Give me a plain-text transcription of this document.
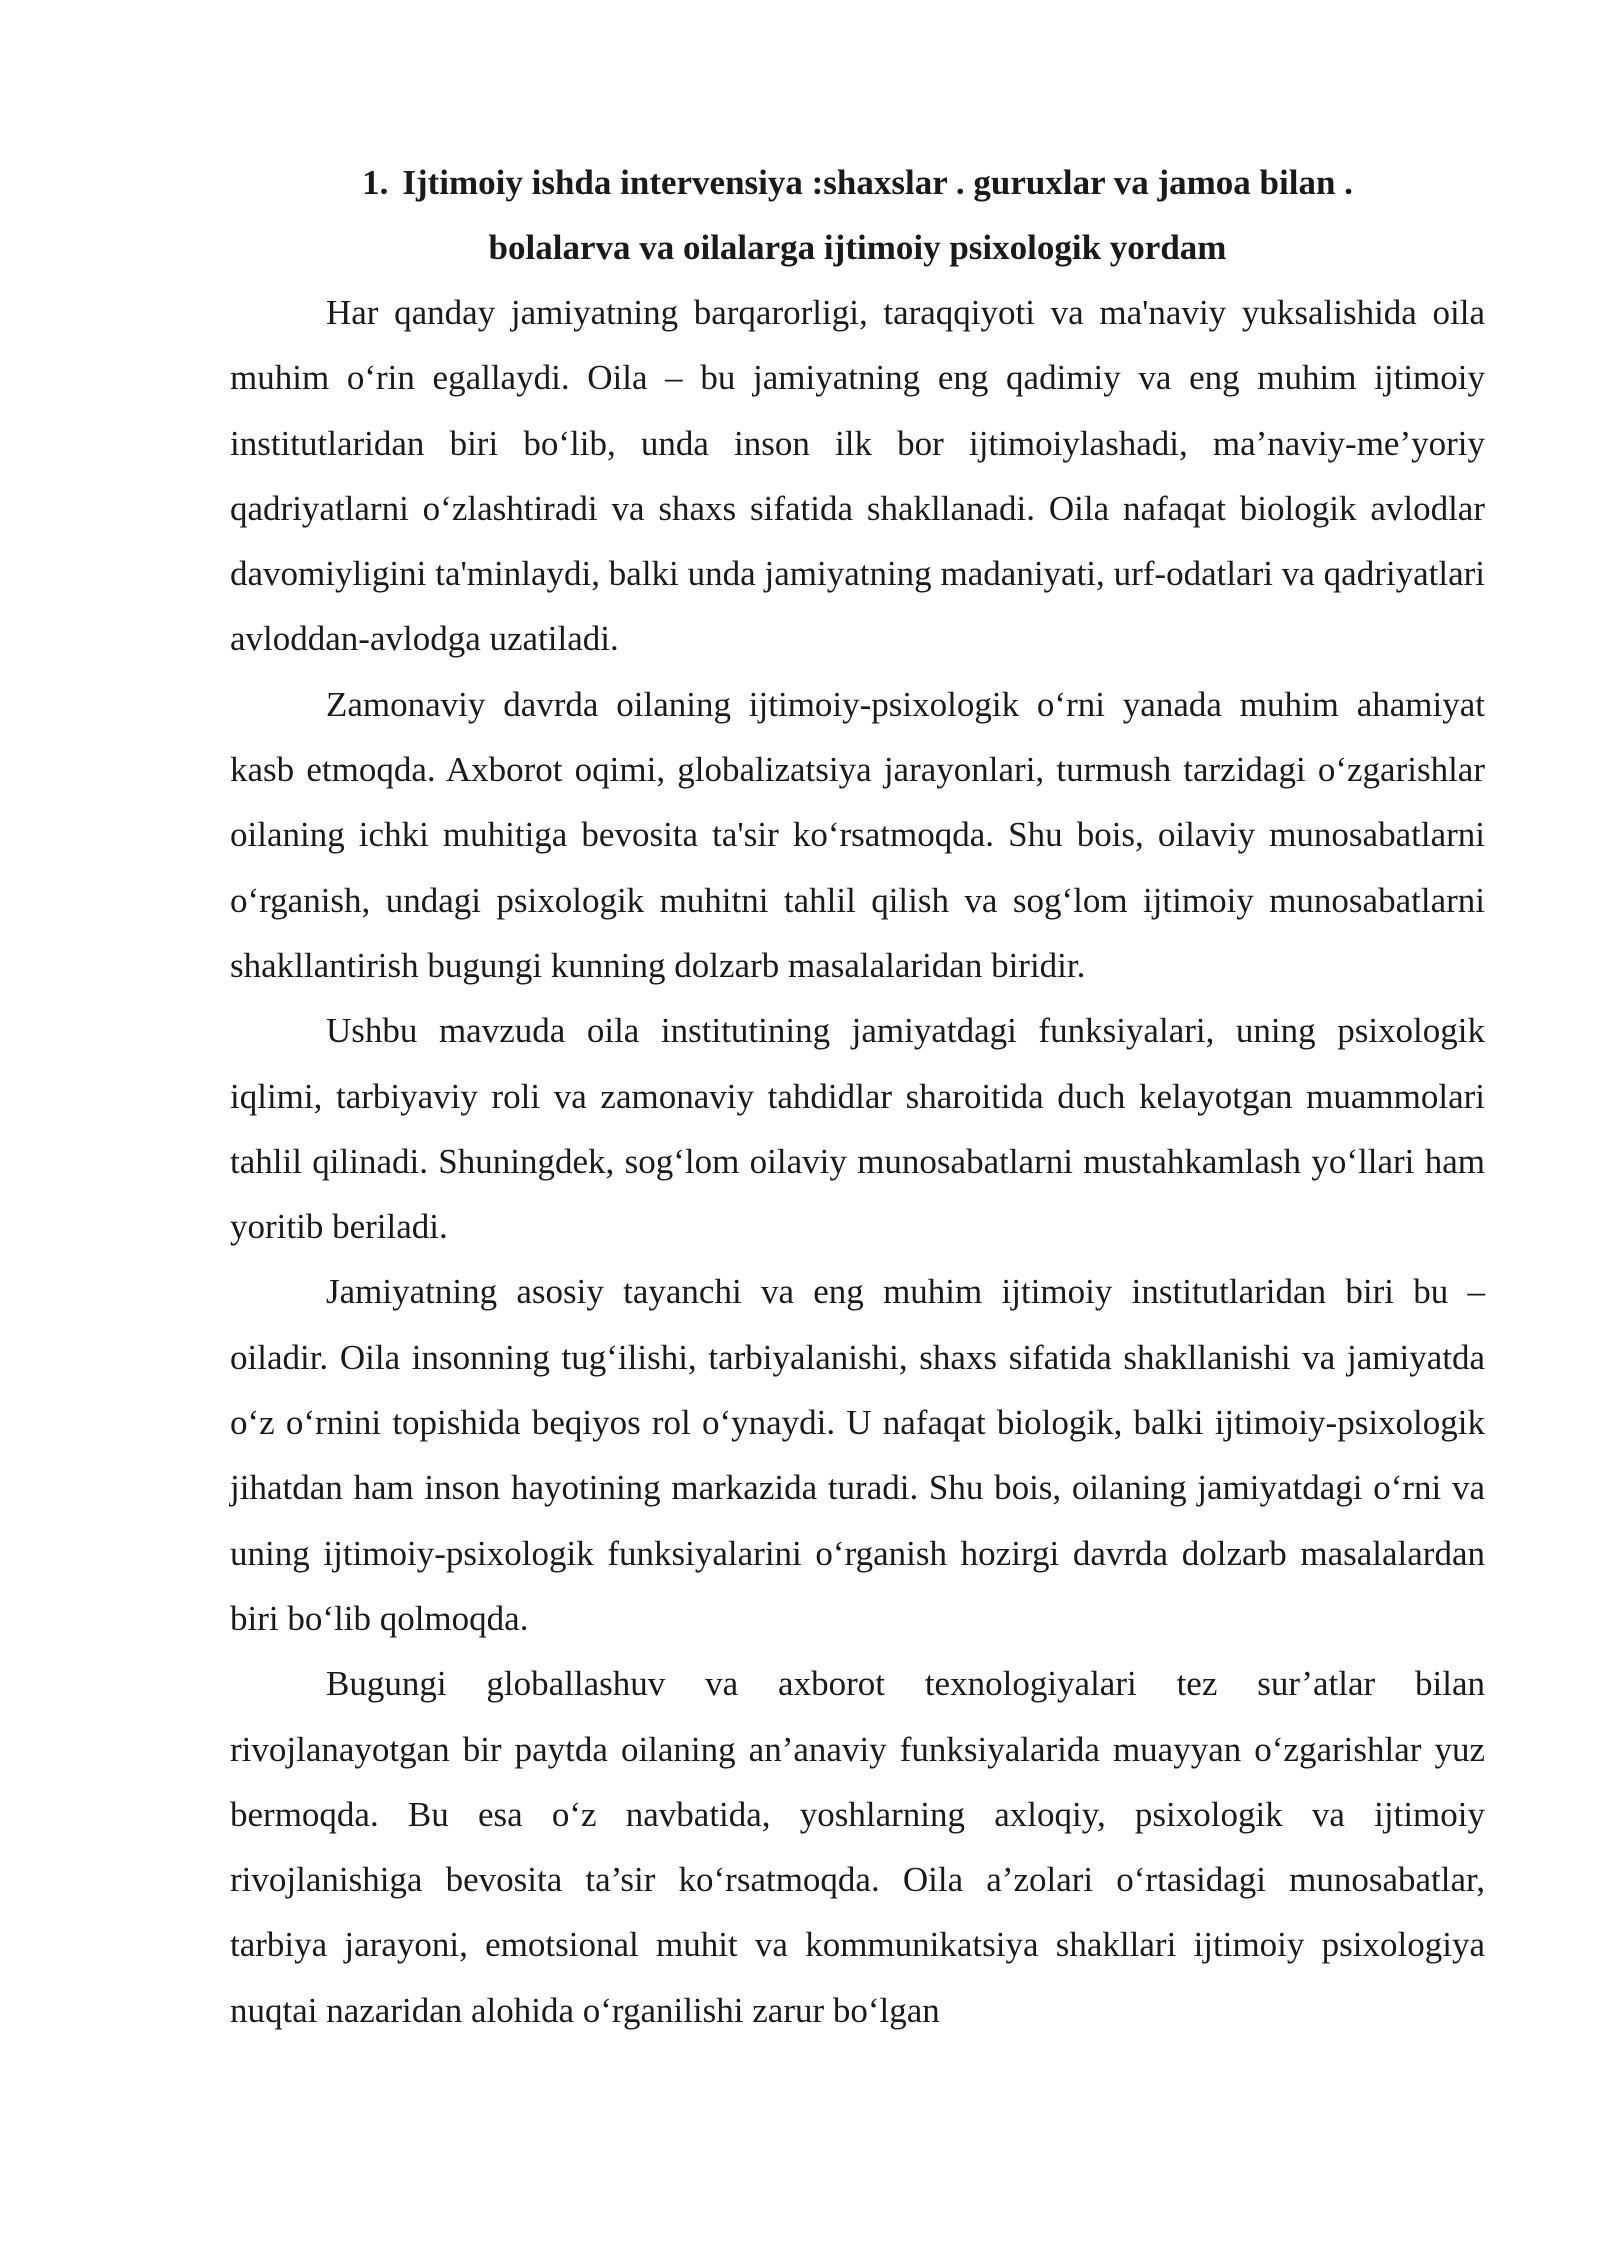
1. Ijtimoiy ishda intervensiya :shaxslar . guruxlar va jamoa bilan .

bolalarva va oilalarga ijtimoiy psixologik yordam

Har qanday jamiyatning barqarorligi, taraqqiyoti va ma'naviy yuksalishida oila muhim o‘rin egallaydi. Oila – bu jamiyatning eng qadimiy va eng muhim ijtimoiy institutlaridan biri bo‘lib, unda inson ilk bor ijtimoiylashadi, ma’naviy-me’yoriy qadriyatlarni o‘zlashtiradi va shaxs sifatida shakllanadi. Oila nafaqat biologik avlodlar davomiyligini ta'minlaydi, balki unda jamiyatning madaniyati, urf-odatlari va qadriyatlari avloddan-avlodga uzatiladi.

Zamonaviy davrda oilaning ijtimoiy-psixologik o‘rni yanada muhim ahamiyat kasb etmoqda. Axborot oqimi, globalizatsiya jarayonlari, turmush tarzidagi o‘zgarishlar oilaning ichki muhitiga bevosita ta'sir ko‘rsatmoqda. Shu bois, oilaviy munosabatlarni o‘rganish, undagi psixologik muhitni tahlil qilish va sog‘lom ijtimoiy munosabatlarni shakllantirish bugungi kunning dolzarb masalalaridan biridir.

Ushbu mavzuda oila institutining jamiyatdagi funksiyalari, uning psixologik iqlimi, tarbiyaviy roli va zamonaviy tahdidlar sharoitida duch kelayotgan muammolari tahlil qilinadi. Shuningdek, sog‘lom oilaviy munosabatlarni mustahkamlash yo‘llari ham yoritib beriladi.

Jamiyatning asosiy tayanchi va eng muhim ijtimoiy institutlaridan biri bu – oiladir. Oila insonning tug‘ilishi, tarbiyalanishi, shaxs sifatida shakllanishi va jamiyatda o‘z o‘rnini topishida beqiyos rol o‘ynaydi. U nafaqat biologik, balki ijtimoiy-psixologik jihatdan ham inson hayotining markazida turadi. Shu bois, oilaning jamiyatdagi o‘rni va uning ijtimoiy-psixologik funksiyalarini o‘rganish hozirgi davrda dolzarb masalalardan biri bo‘lib qolmoqda.

Bugungi globallashuv va axborot texnologiyalari tez sur’atlar bilan rivojlanayotgan bir paytda oilaning an’anaviy funksiyalarida muayyan o‘zgarishlar yuz bermoqda. Bu esa o‘z navbatida, yoshlarning axloqiy, psixologik va ijtimoiy rivojlanishiga bevosita ta’sir ko‘rsatmoqda. Oila a’zolari o‘rtasidagi munosabatlar, tarbiya jarayoni, emotsional muhit va kommunikatsiya shakllari ijtimoiy psixologiya nuqtai nazaridan alohida o‘rganilishi zarur bo‘lgan
